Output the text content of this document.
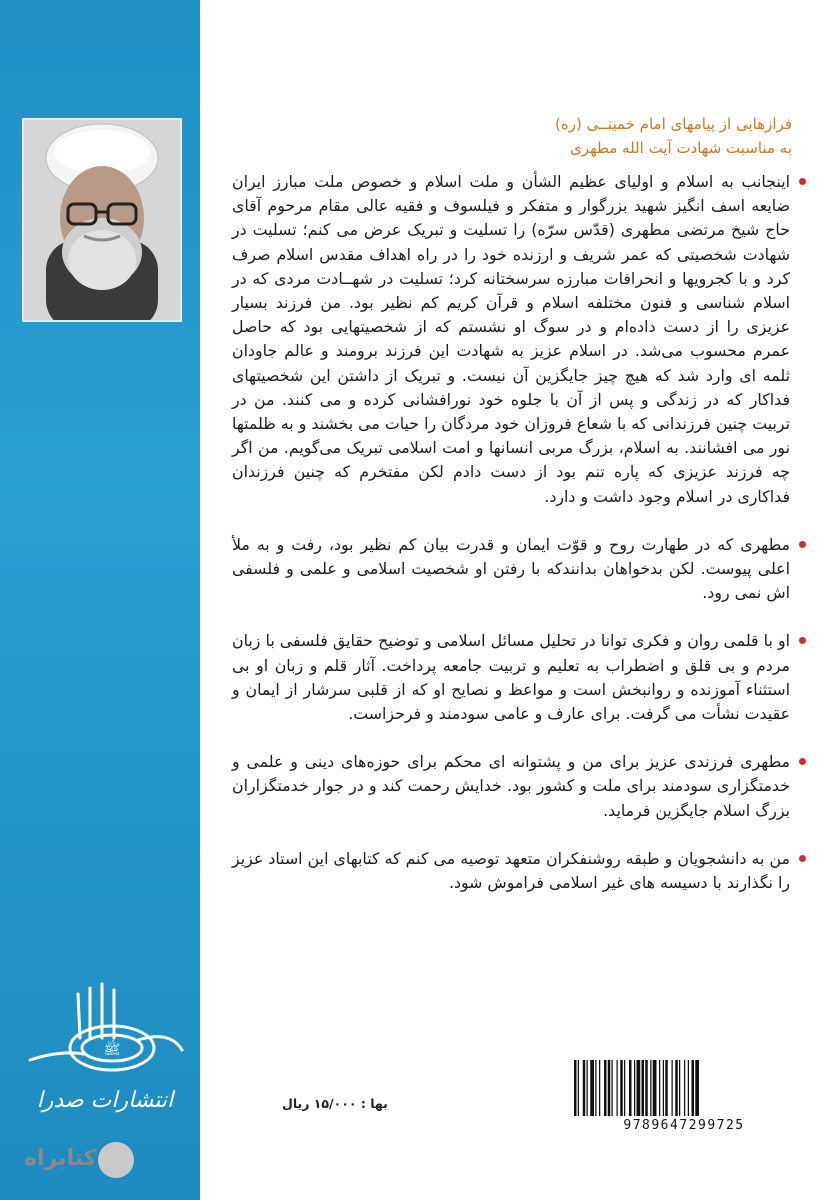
ﷺ
انتشارات صدرا
کتابراه
فرازهایی از پیامهای امام خمینــی (ره)
به مناسبت شهادت آیت الله مطهری

اینجانب به اسلام و اولیای عظیم الشأن و ملت اسلام و خصوص ملت مبارز ایران ضایعه اسف انگیز شهید بزرگوار و متفکر و فیلسوف و فقیه عالی مقام مرحوم آقای حاج شیخ مرتضی مطهری (قدّس سرّه) را تسلیت و تبریک عرض می کنم؛ تسلیت در شهادت شخصیتی که عمر شریف و ارزنده خود را در راه اهداف مقدس اسلام صرف کرد و با کجرویها و انحرافات مبارزه سرسختانه کرد؛ تسلیت در شهــادت مردی که در اسلام شناسی و فنون مختلفه اسلام و قرآن کریم کم نظیر بود. من فرزند بسیار عزیزی را از دست داده‌ام و در سوگ او نشستم که از شخصیتهایی بود که حاصل عمرم محسوب می‌شد. در اسلام عزیز به شهادت این فرزند برومند و عالم جاودان ثلمه ای وارد شد که هیچ چیز جایگزین آن نیست. و تبریک از داشتن این شخصیتهای فداکار که در زندگی و پس از آن با جلوه خود نورافشانی کرده و می کنند. من در تربیت چنین فرزندانی که با شعاع فروزان خود مردگان را حیات می بخشند و به ظلمتها نور می افشانند. به اسلام، بزرگ مربی انسانها و امت اسلامی تبریک می‌گویم. من اگر چه فرزند عزیزی که پاره تنم بود از دست دادم لکن مفتخرم که چنین فرزندان فداکاری در اسلام وجود داشت و دارد.

مطهری که در طهارت روح و قوّت ایمان و قدرت بیان کم نظیر بود، رفت و به ملأ اعلی پیوست. لکن بدخواهان بدانندکه با رفتن او شخصیت اسلامی و علمی و فلسفی اش نمی رود.

او با قلمی روان و فکری توانا در تحلیل مسائل اسلامی و توضیح حقایق فلسفی با زبان مردم و بی قلق و اضطراب به تعلیم و تربیت جامعه پرداخت. آثار قلم و زبان او بی استثناء آموزنده و روانبخش است و مواعظ و نصایح او که از قلبی سرشار از ایمان و عقیدت نشأت می گرفت. برای عارف و عامی سودمند و فرحزاست.

مطهری فرزندی عزیز برای من و پشتوانه ای محکم برای حوزه‌های دینی و علمی و خدمتگزاری سودمند برای ملت و کشور بود. خدایش رحمت کند و در جوار خدمتگزاران بزرگ اسلام جایگزین فرماید.

من به دانشجویان و طبقه روشنفکران متعهد توصیه می کنم که کتابهای این استاد عزیز را نگذارند با دسیسه های غیر اسلامی فراموش شود.

9789647299725
بها : ۱۵/۰۰۰ ریال
